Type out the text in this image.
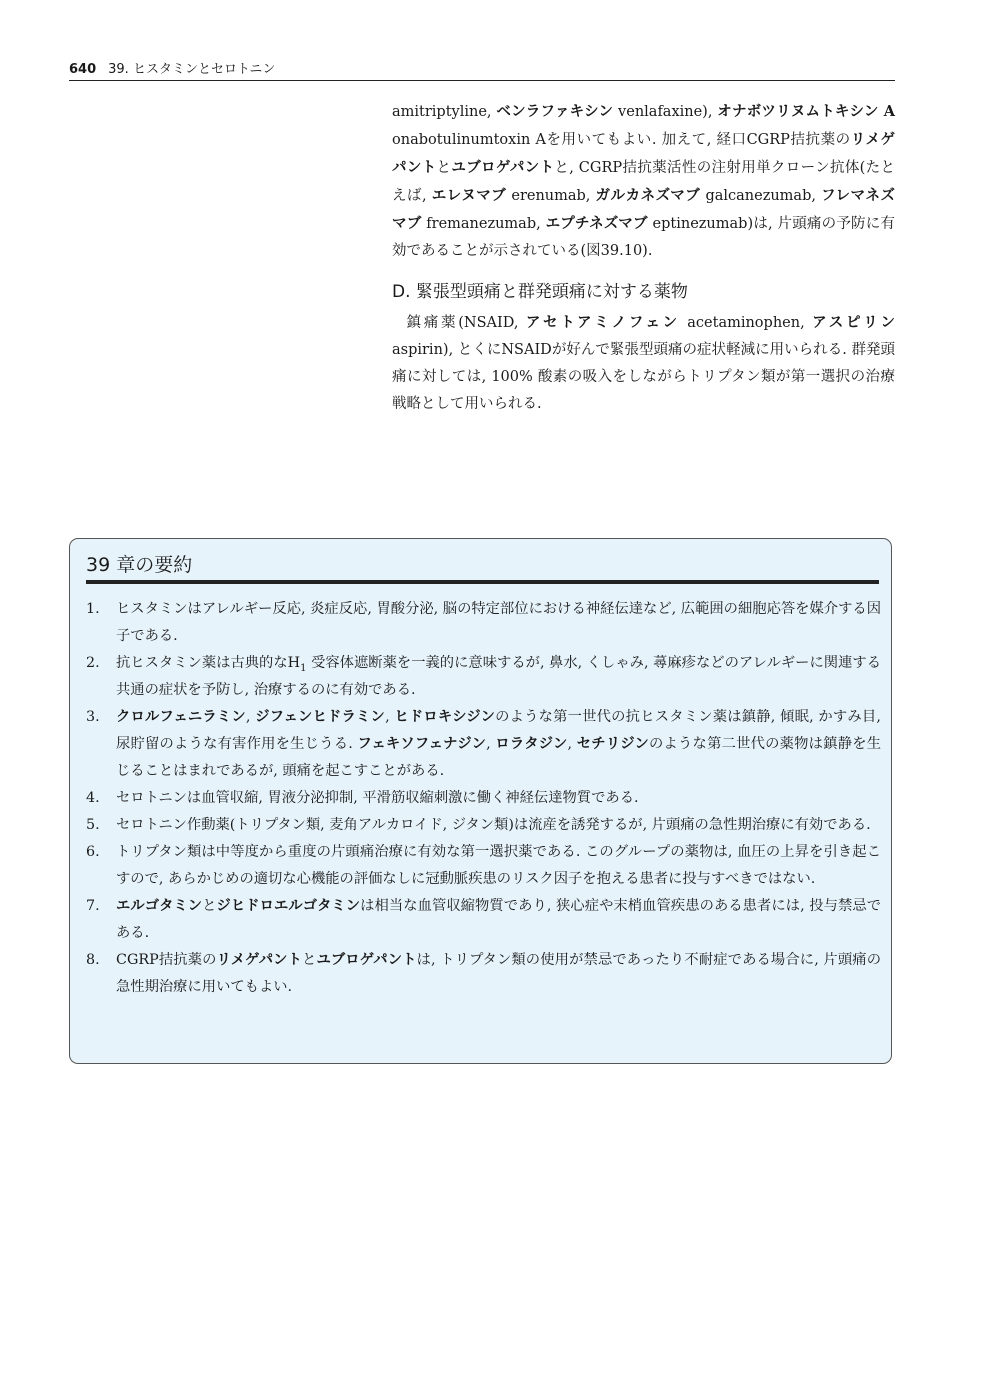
640 39. ヒスタミンとセロトニン

amitriptyline, ベンラファキシン venlafaxine), オナボツリヌムトキシン A onabotulinumtoxin Aを用いてもよい. 加えて, 経口CGRP拮抗薬のリメゲパントとユブロゲパントと, CGRP拮抗薬活性の注射用単クローン抗体(たとえば, エレヌマブ erenumab, ガルカネズマブ galcanezumab, フレマネズマブ fremanezumab, エプチネズマブ eptinezumab)は, 片頭痛の予防に有効であることが示されている(図39.10).

D. 緊張型頭痛と群発頭痛に対する薬物

鎮痛薬(NSAID, アセトアミノフェン acetaminophen, アスピリン aspirin), とくにNSAIDが好んで緊張型頭痛の症状軽減に用いられる. 群発頭痛に対しては, 100% 酸素の吸入をしながらトリプタン類が第一選択の治療戦略として用いられる.

39 章の要約
1.	ヒスタミンはアレルギー反応, 炎症反応, 胃酸分泌, 脳の特定部位における神経伝達など, 広範囲の細胞応答を媒介する因子である.
2.	抗ヒスタミン薬は古典的な$H_1$ 受容体遮断薬を一義的に意味するが, 鼻水, くしゃみ, 蕁麻疹などのアレルギーに関連する共通の症状を予防し, 治療するのに有効である.
3.	クロルフェニラミン, ジフェンヒドラミン, ヒドロキシジンのような第一世代の抗ヒスタミン薬は鎮静, 傾眠, かすみ目, 尿貯留のような有害作用を生じうる. フェキソフェナジン, ロラタジン, セチリジンのような第二世代の薬物は鎮静を生じることはまれであるが, 頭痛を起こすことがある.
4.	セロトニンは血管収縮, 胃液分泌抑制, 平滑筋収縮刺激に働く神経伝達物質である.
5.	セロトニン作動薬(トリプタン類, 麦角アルカロイド, ジタン類)は流産を誘発するが, 片頭痛の急性期治療に有効である.
6.	トリプタン類は中等度から重度の片頭痛治療に有効な第一選択薬である. このグループの薬物は, 血圧の上昇を引き起こすので, あらかじめの適切な心機能の評価なしに冠動脈疾患のリスク因子を抱える患者に投与すべきではない.
7.	エルゴタミンとジヒドロエルゴタミンは相当な血管収縮物質であり, 狭心症や末梢血管疾患のある患者には, 投与禁忌である.
8.	CGRP拮抗薬のリメゲパントとユブロゲパントは, トリプタン類の使用が禁忌であったり不耐症である場合に, 片頭痛の急性期治療に用いてもよい.
